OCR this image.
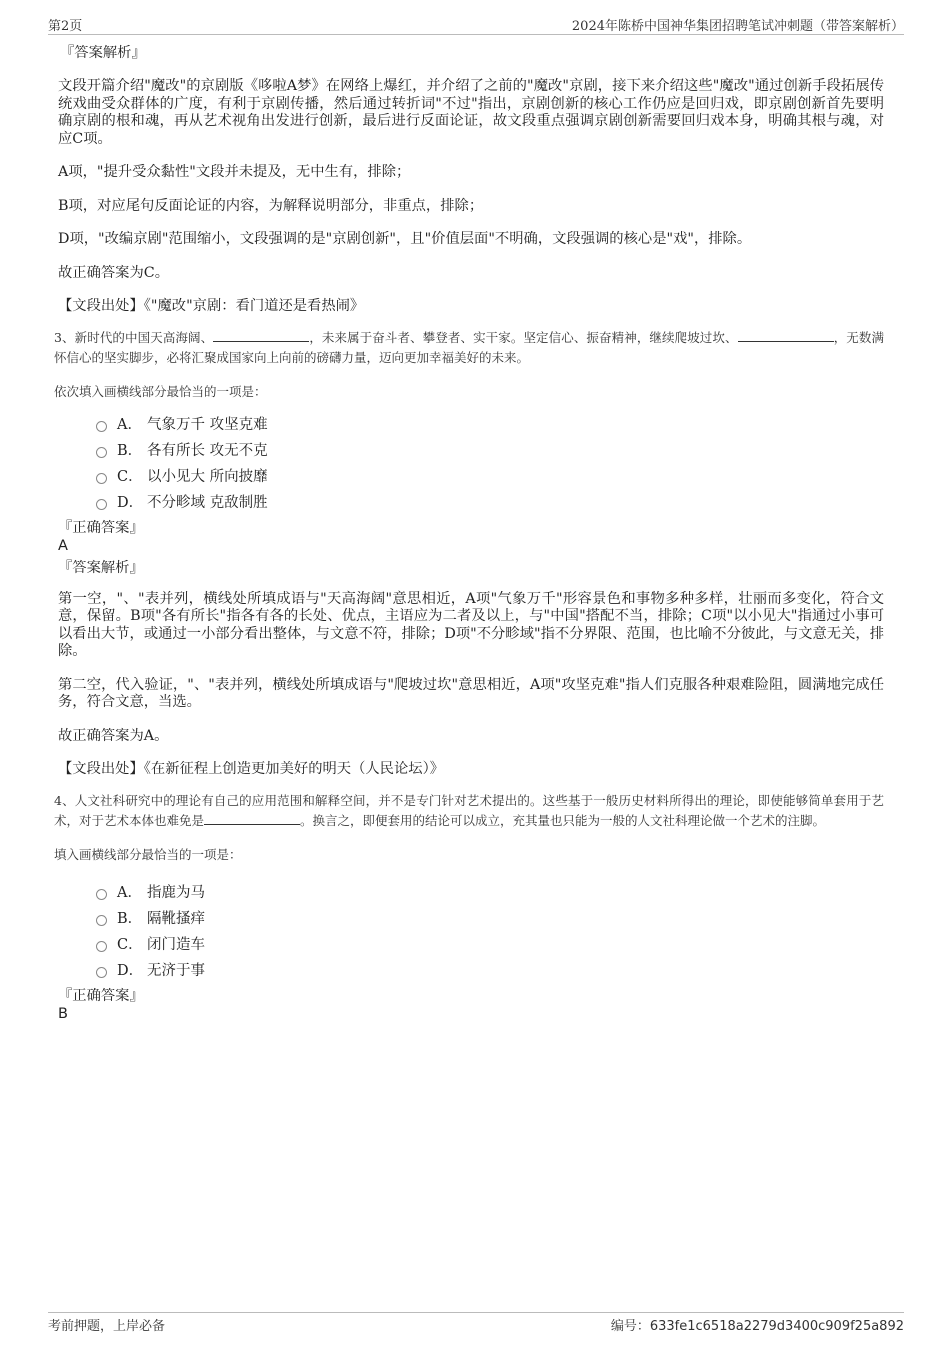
第2页	2024年陈桥中国神华集团招聘笔试冲刺题（带答案解析）

『答案解析』

文段开篇介绍"魔改"的京剧版《哆啦A梦》在网络上爆红，并介绍了之前的"魔改"京剧，接下来介绍这些"魔改"通过创新手段拓展传统戏曲受众群体的广度，有利于京剧传播，然后通过转折词"不过"指出，京剧创新的核心工作仍应是回归戏，即京剧创新首先要明确京剧的根和魂，再从艺术视角出发进行创新，最后进行反面论证，故文段重点强调京剧创新需要回归戏本身，明确其根与魂，对应C项。

A项，"提升受众黏性"文段并未提及，无中生有，排除；

B项，对应尾句反面论证的内容，为解释说明部分，非重点，排除；

D项，"改编京剧"范围缩小，文段强调的是"京剧创新"，且"价值层面"不明确，文段强调的核心是"戏"，排除。

故正确答案为C。

【文段出处】《"魔改"京剧：看门道还是看热闹》

3、新时代的中国天高海阔、	，未来属于奋斗者、攀登者、实干家。坚定信心、振奋精神，继续爬坡过坎、	，无数满怀信心的坚实脚步，必将汇聚成国家向上向前的磅礴力量，迈向更加幸福美好的未来。

依次填入画横线部分最恰当的一项是：

A． 气象万千 攻坚克难
B． 各有所长 攻无不克
C． 以小见大 所向披靡
D． 不分畛域 克敌制胜

『正确答案』

A

『答案解析』

第一空，"、"表并列，横线处所填成语与"天高海阔"意思相近，A项"气象万千"形容景色和事物多种多样，壮丽而多变化，符合文意，保留。B项"各有所长"指各有各的长处、优点，主语应为二者及以上，与"中国"搭配不当，排除；C项"以小见大"指通过小事可以看出大节，或通过一小部分看出整体，与文意不符，排除；D项"不分畛域"指不分界限、范围，也比喻不分彼此，与文意无关，排除。

第二空，代入验证，"、"表并列，横线处所填成语与"爬坡过坎"意思相近，A项"攻坚克难"指人们克服各种艰难险阻，圆满地完成任务，符合文意，当选。

故正确答案为A。

【文段出处】《在新征程上创造更加美好的明天（人民论坛）》

4、人文社科研究中的理论有自己的应用范围和解释空间，并不是专门针对艺术提出的。这些基于一般历史材料所得出的理论，即使能够简单套用于艺术，对于艺术本体也难免是	。换言之，即便套用的结论可以成立，充其量也只能为一般的人文社科理论做一个艺术的注脚。

填入画横线部分最恰当的一项是：

A． 指鹿为马
B． 隔靴搔痒
C． 闭门造车
D． 无济于事

『正确答案』

B

考前押题，上岸必备	编号：633fe1c6518a2279d3400c909f25a892
